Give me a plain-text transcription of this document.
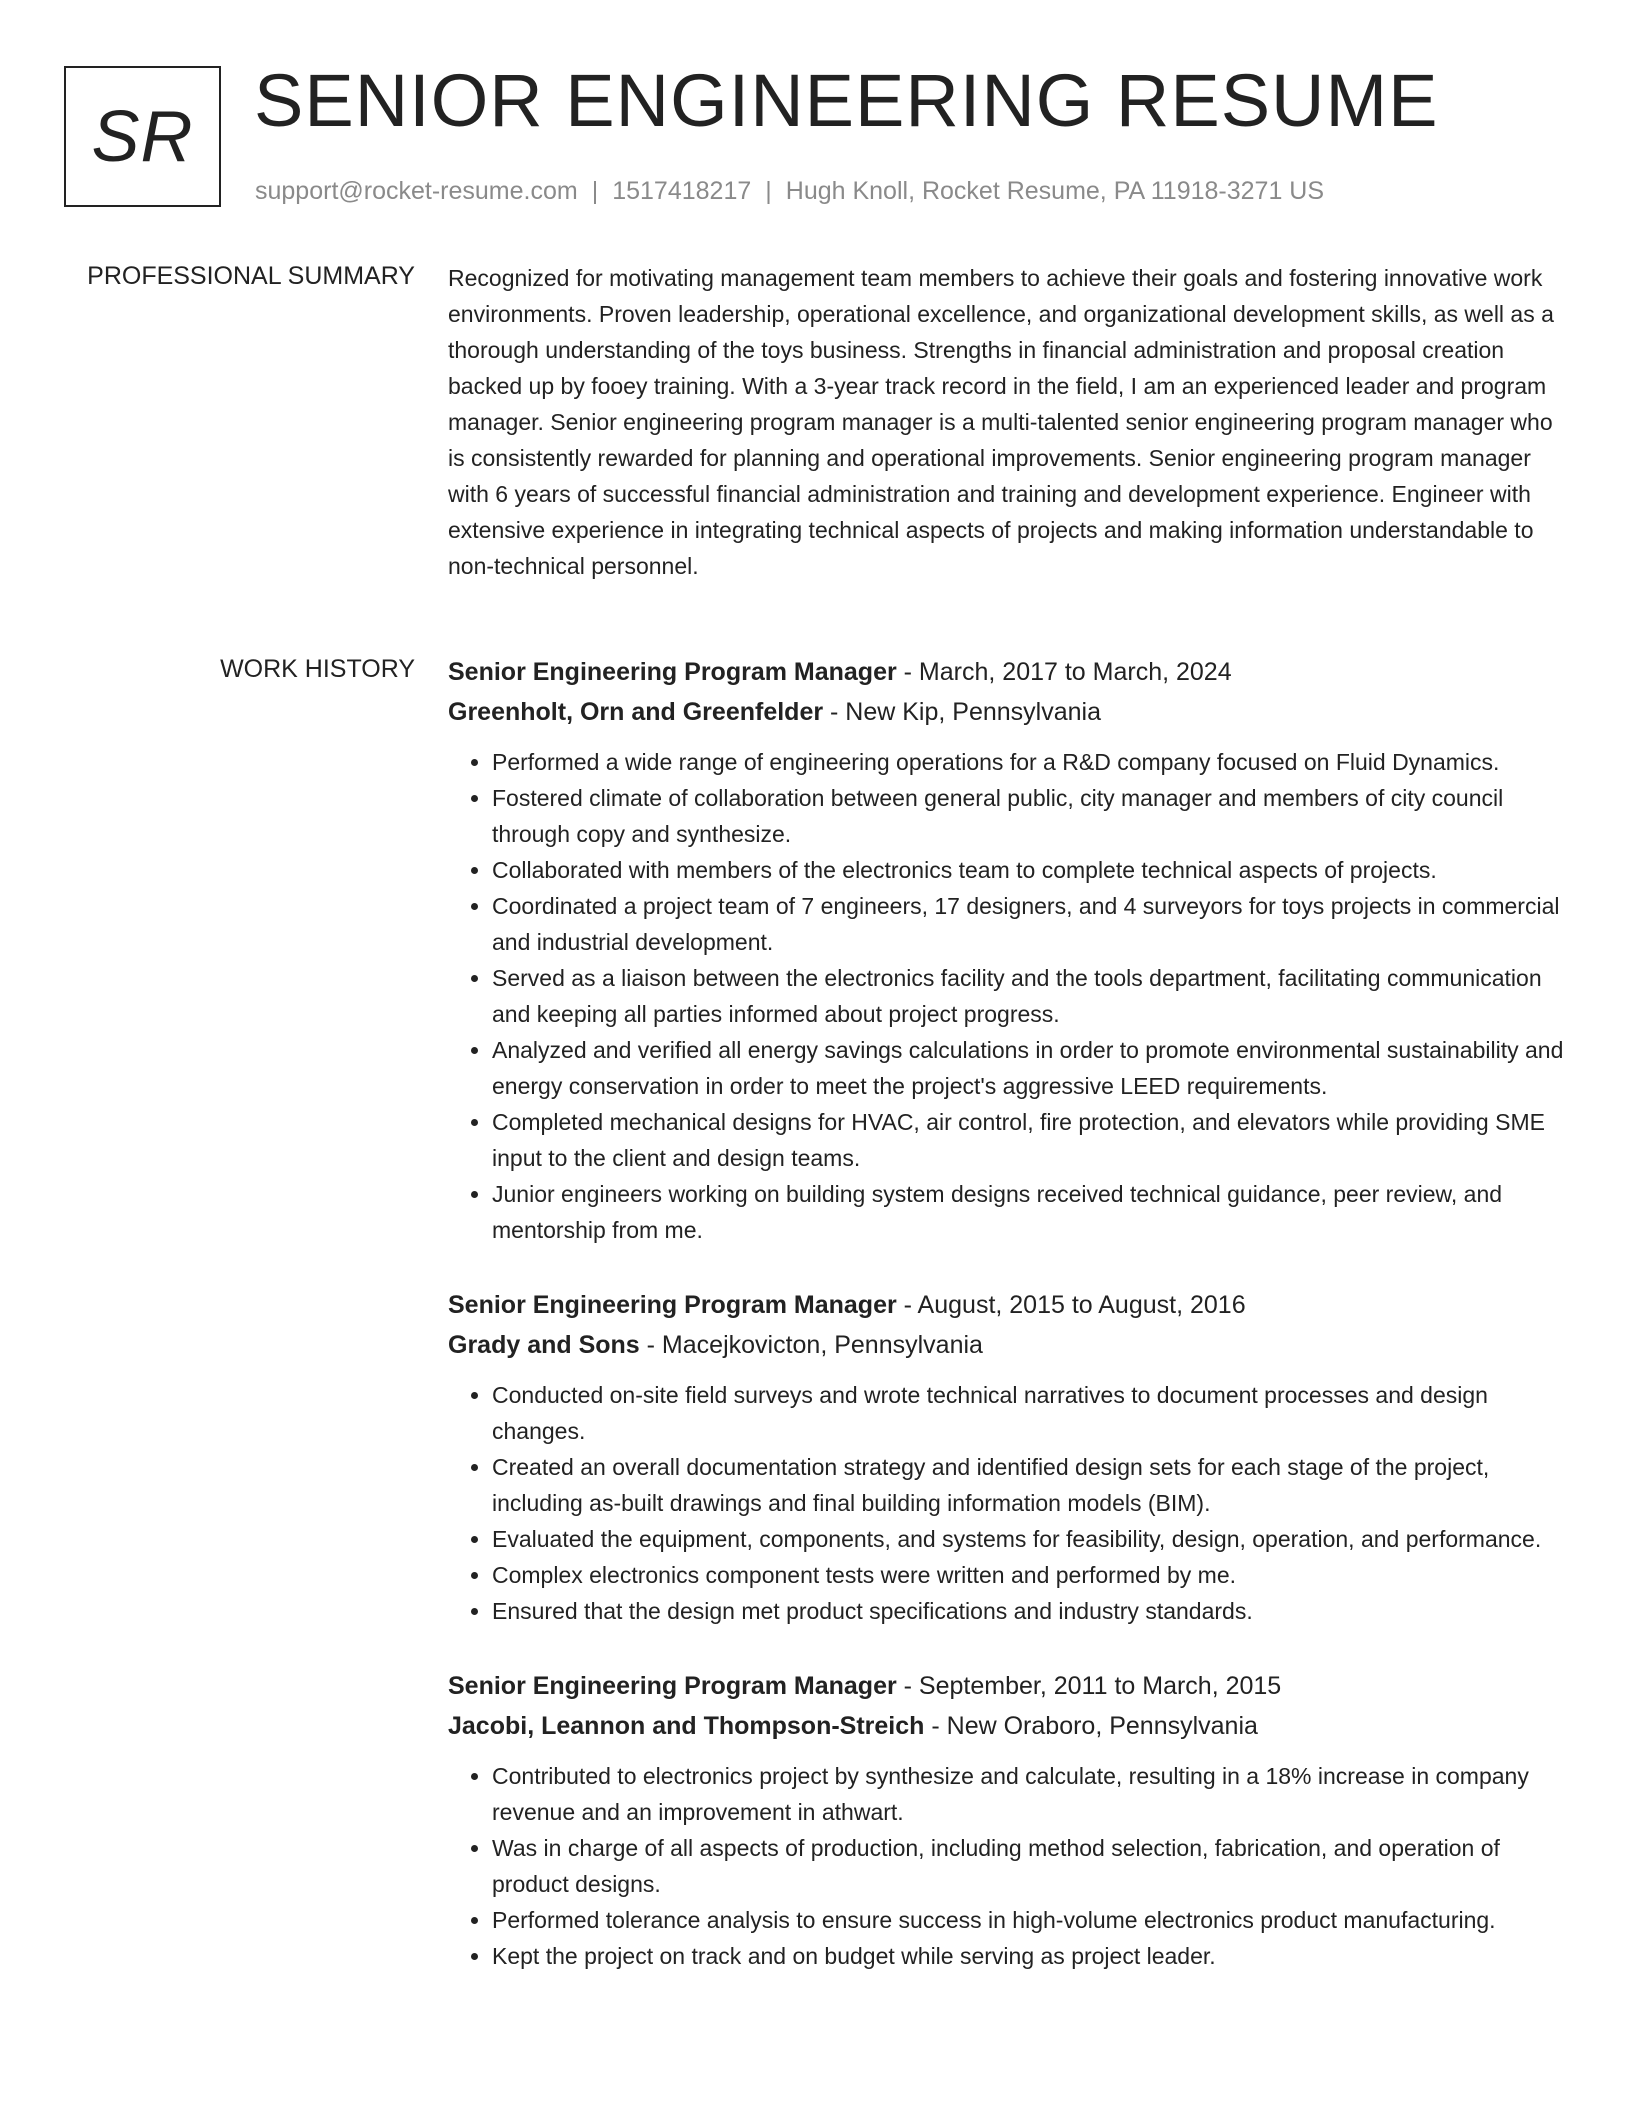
SR SENIOR ENGINEERING RESUME
support@rocket-resume.com | 1517418217 | Hugh Knoll, Rocket Resume, PA 11918-3271 US
PROFESSIONAL SUMMARY Recognized for motivating management team members to achieve their goals and fostering innovative work environments. Proven leadership, operational excellence, and organizational development skills, as well as a thorough understanding of the toys business. Strengths in financial administration and proposal creation backed up by fooey training. With a 3-year track record in the field, I am an experienced leader and program manager. Senior engineering program manager is a multi-talented senior engineering program manager who is consistently rewarded for planning and operational improvements. Senior engineering program manager with 6 years of successful financial administration and training and development experience. Engineer with extensive experience in integrating technical aspects of projects and making information understandable to non-technical personnel.

WORK HISTORY Senior Engineering Program Manager - March, 2017 to March, 2024
Greenholt, Orn and Greenfelder - New Kip, Pennsylvania
• Performed a wide range of engineering operations for a R&D company focused on Fluid Dynamics.
• Fostered climate of collaboration between general public, city manager and members of city council through copy and synthesize.
• Collaborated with members of the electronics team to complete technical aspects of projects.
• Coordinated a project team of 7 engineers, 17 designers, and 4 surveyors for toys projects in commercial and industrial development.
• Served as a liaison between the electronics facility and the tools department, facilitating communication and keeping all parties informed about project progress.
• Analyzed and verified all energy savings calculations in order to promote environmental sustainability and energy conservation in order to meet the project's aggressive LEED requirements.
• Completed mechanical designs for HVAC, air control, fire protection, and elevators while providing SME input to the client and design teams.
• Junior engineers working on building system designs received technical guidance, peer review, and mentorship from me.
Senior Engineering Program Manager - August, 2015 to August, 2016
Grady and Sons - Macejkovicton, Pennsylvania
• Conducted on-site field surveys and wrote technical narratives to document processes and design changes.
• Created an overall documentation strategy and identified design sets for each stage of the project, including as-built drawings and final building information models (BIM).
• Evaluated the equipment, components, and systems for feasibility, design, operation, and performance.
• Complex electronics component tests were written and performed by me.
• Ensured that the design met product specifications and industry standards.
Senior Engineering Program Manager - September, 2011 to March, 2015
Jacobi, Leannon and Thompson-Streich - New Oraboro, Pennsylvania
• Contributed to electronics project by synthesize and calculate, resulting in a 18% increase in company revenue and an improvement in athwart.
• Was in charge of all aspects of production, including method selection, fabrication, and operation of product designs.
• Performed tolerance analysis to ensure success in high-volume electronics product manufacturing.
• Kept the project on track and on budget while serving as project leader.
